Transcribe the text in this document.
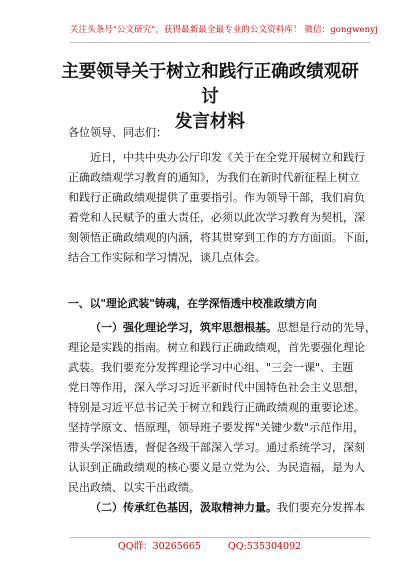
关注头条号"公文研究"，获得最新最全最专业的公文资料库！ 微信：gongwenyj
主要领导关于树立和践行正确政绩观研讨
发言材料
各位领导、同志们：
近日，中共中央办公厅印发《关于在全党开展树立和践行
正确政绩观学习教育的通知》，为我们在新时代新征程上树立
和践行正确政绩观提供了重要指引。作为领导干部，我们肩负
着党和人民赋予的重大责任，必须以此次学习教育为契机，深
刻领悟正确政绩观的内涵，将其贯穿到工作的方方面面。下面，
结合工作实际和学习情况，谈几点体会。
一、以"理论武装"铸魂，在学深悟透中校准政绩方向
（一）强化理论学习，筑牢思想根基。思想是行动的先导，
理论是实践的指南。树立和践行正确政绩观，首先要强化理论
武装。我们要充分发挥理论学习中心组、"三会一课"、主题
党日等作用，深入学习习近平新时代中国特色社会主义思想，
特别是习近平总书记关于树立和践行正确政绩观的重要论述。
坚持学原文、悟原理，领导班子要发挥"关键少数"示范作用，
带头学深悟透，督促各级干部深入学习。通过系统学习，深刻
认识到正确政绩观的核心要义是立党为公、为民造福，是为人
民出政绩、以实干出政绩。
（二）传承红色基因，汲取精神力量。我们要充分发挥本
QQ群：30265665	QQ:535304092
